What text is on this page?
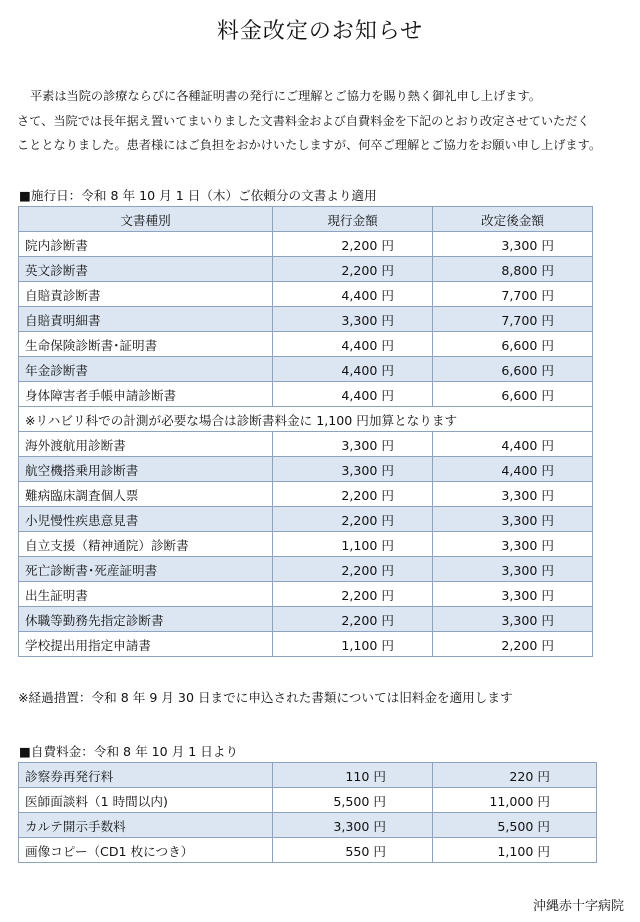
料金改定のお知らせ

平素は当院の診療ならびに各種証明書の発行にご理解とご協力を賜り熱く御礼申し上げます。

さて、当院では長年据え置いてまいりました文書料金および自費料金を下記のとおり改定させていただく

こととなりました。患者様にはご負担をおかけいたしますが、何卒ご理解とご協力をお願い申し上げます。

■施行日：令和 8 年 10 月 1 日（木）ご依頼分の文書より適用
文書種別	現行金額	改定後金額
院内診断書	2,200 円	3,300 円
英文診断書	2,200 円	8,800 円
自賠責診断書	4,400 円	7,700 円
自賠責明細書	3,300 円	7,700 円
生命保険診断書･証明書	4,400 円	6,600 円
年金診断書	4,400 円	6,600 円
身体障害者手帳申請診断書	4,400 円	6,600 円
※リハビリ科での計測が必要な場合は診断書料金に 1,100 円加算となります		
海外渡航用診断書	3,300 円	4,400 円
航空機搭乗用診断書	3,300 円	4,400 円
難病臨床調査個人票	2,200 円	3,300 円
小児慢性疾患意見書	2,200 円	3,300 円
自立支援（精神通院）診断書	1,100 円	3,300 円
死亡診断書･死産証明書	2,200 円	3,300 円
出生証明書	2,200 円	3,300 円
休職等勤務先指定診断書	2,200 円	3,300 円
学校提出用指定申請書	1,100 円	2,200 円
※経過措置：令和 8 年 9 月 30 日までに申込された書類については旧料金を適用します
■自費料金：令和 8 年 10 月 1 日より
診察券再発行料	110 円	220 円
医師面談料（1 時間以内)	5,500 円	11,000 円
カルテ開示手数料	3,300 円	5,500 円
画像コピー（CD1 枚につき）	550 円	1,100 円
沖縄赤十字病院
